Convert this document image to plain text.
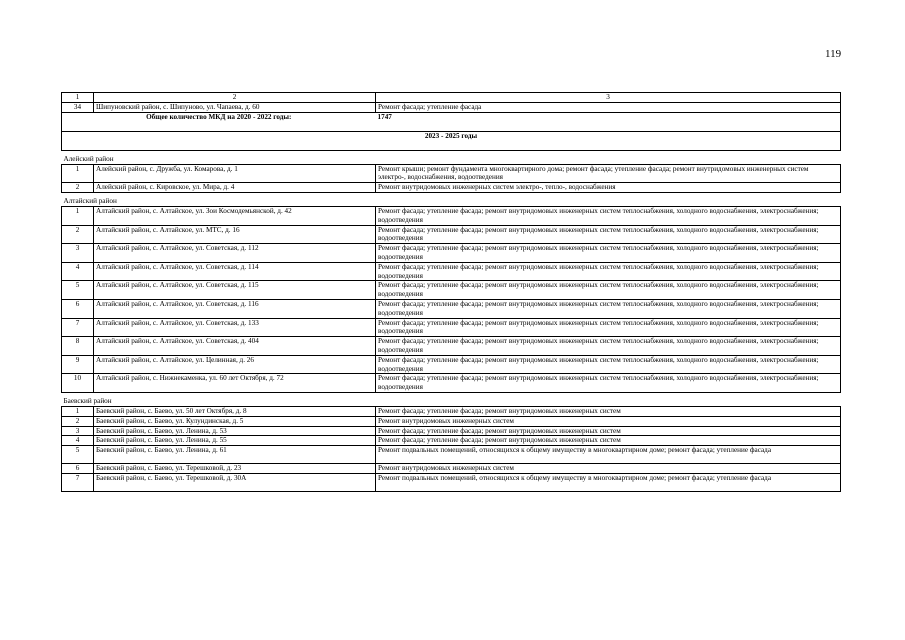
119
1	2	3
34	Шипуновский район, с. Шипуново, ул. Чапаева, д. 60	Ремонт фасада; утепление фасада
Общее количество МКД на 2020 - 2022 годы:		1747
2023 - 2025 годы		
Алейский район		
1	Алейский район, с. Дружба, ул. Комарова, д. 1	Ремонт крыши; ремонт фундамента многоквартирного дома; ремонт фасада; утепление фасада; ремонт внутридомовых инженерных систем электро-, водоснабжения, водоотведения
2	Алейский район, с. Кировское, ул. Мира, д. 4	Ремонт внутридомовых инженерных систем электро-, тепло-, водоснабжения
Алтайский район		
1	Алтайский район, с. Алтайское, ул. Зои Космодемьянской, д. 42	Ремонт фасада; утепление фасада; ремонт внутридомовых инженерных систем теплоснабжения, холодного водоснабжения, электроснабжения; водоотведения
2	Алтайский район, с. Алтайское, ул. МТС, д. 16	Ремонт фасада; утепление фасада; ремонт внутридомовых инженерных систем теплоснабжения, холодного водоснабжения, электроснабжения; водоотведения
3	Алтайский район, с. Алтайское, ул. Советская, д. 112	Ремонт фасада; утепление фасада; ремонт внутридомовых инженерных систем теплоснабжения, холодного водоснабжения, электроснабжения; водоотведения
4	Алтайский район, с. Алтайское, ул. Советская, д. 114	Ремонт фасада; утепление фасада; ремонт внутридомовых инженерных систем теплоснабжения, холодного водоснабжения, электроснабжения; водоотведения
5	Алтайский район, с. Алтайское, ул. Советская, д. 115	Ремонт фасада; утепление фасада; ремонт внутридомовых инженерных систем теплоснабжения, холодного водоснабжения, электроснабжения; водоотведения
6	Алтайский район, с. Алтайское, ул. Советская, д. 116	Ремонт фасада; утепление фасада; ремонт внутридомовых инженерных систем теплоснабжения, холодного водоснабжения, электроснабжения; водоотведения
7	Алтайский район, с. Алтайское, ул. Советская, д. 133	Ремонт фасада; утепление фасада; ремонт внутридомовых инженерных систем теплоснабжения, холодного водоснабжения, электроснабжения; водоотведения
8	Алтайский район, с. Алтайское, ул. Советская, д. 404	Ремонт фасада; утепление фасада; ремонт внутридомовых инженерных систем теплоснабжения, холодного водоснабжения, электроснабжения; водоотведения
9	Алтайский район, с. Алтайское, ул. Целинная, д. 26	Ремонт фасада; утепление фасада; ремонт внутридомовых инженерных систем теплоснабжения, холодного водоснабжения, электроснабжения; водоотведения
10	Алтайский район, с. Нижнекаменка, ул. 60 лет Октября, д. 72	Ремонт фасада; утепление фасада; ремонт внутридомовых инженерных систем теплоснабжения, холодного водоснабжения, электроснабжения; водоотведения
Баевский район		
1	Баевский район, с. Баево, ул. 50 лет Октября, д. 8	Ремонт фасада; утепление фасада; ремонт внутридомовых инженерных систем
2	Баевский район, с. Баево, ул. Кулундинская, д. 5	Ремонт внутридомовых инженерных систем
3	Баевский район, с. Баево, ул. Ленина, д. 53	Ремонт фасада; утепление фасада; ремонт внутридомовых инженерных систем
4	Баевский район, с. Баево, ул. Ленина, д. 55	Ремонт фасада; утепление фасада; ремонт внутридомовых инженерных систем
5	Баевский район, с. Баево, ул. Ленина, д. 61	Ремонт подвальных помещений, относящихся к общему имуществу в многоквартирном доме; ремонт фасада; утепление фасада
6	Баевский район, с. Баево, ул. Терешковой, д. 23	Ремонт внутридомовых инженерных систем
7	Баевский район, с. Баево, ул. Терешковой, д. 30А	Ремонт подвальных помещений, относящихся к общему имуществу в многоквартирном доме; ремонт фасада; утепление фасада
